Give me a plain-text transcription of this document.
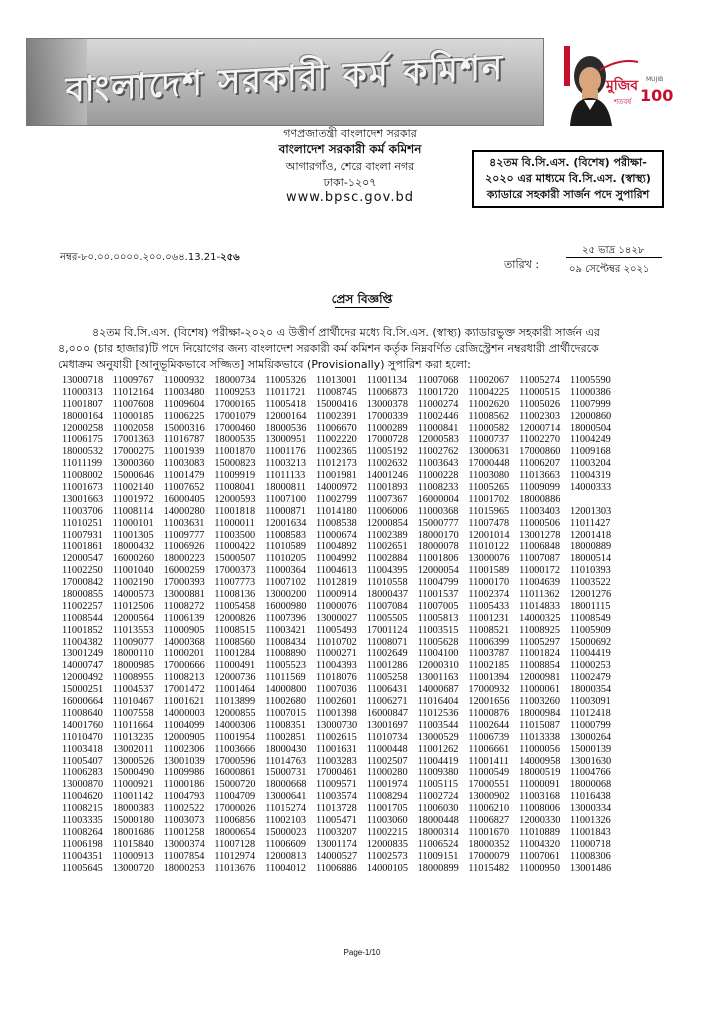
বাংলাদেশ সরকারী কর্ম কমিশন	মুজিব MUJIB
শতবর্ষ 100
গণপ্রজাতন্ত্রী বাংলাদেশ সরকার
বাংলাদেশ সরকারী কর্ম কমিশন
আগারগাঁও, শেরে বাংলা নগর
ঢাকা-১২০৭
www.bpsc.gov.bd
৪২তম বি.সি.এস. (বিশেষ) পরীক্ষা-
২০২০ এর মাধ্যমে বি.সি.এস. (স্বাস্থ্য)
ক্যাডারে সহকারী সার্জন পদে সুপারিশ
নম্বর-৮০.০০.০০০০.২০০.০৬৪.13.21-২৫৬
তারিখ :
২৫ ভাদ্র ১৪২৮
০৯ সেপ্টেম্বর ২০২১
প্রেস বিজ্ঞপ্তি
৪২তম বি.সি.এস. (বিশেষ) পরীক্ষা-২০২০ এ উত্তীর্ণ প্রার্থীদের মধ্যে বি.সি.এস. (স্বাস্থ্য) ক্যাডারভুক্ত সহকারী সার্জন এর
৪,০০০ (চার হাজার)টি পদে নিয়োগের জন্য বাংলাদেশ সরকারী কর্ম কমিশন কর্তৃক নিম্নবর্ণিত রেজিস্ট্রেশন নম্বরধারী প্রার্থীদেরকে
মেধাক্রম অনুযায়ী [আনুভূমিকভাবে সজ্জিত] সাময়িকভাবে (Provisionally) সুপারিশ করা হলো:
13000718 11009767 11000932 18000734 11005326 11013001 11001134 11007068 11002067 11005274 11005590
11000313 11012164 11003480 11009253 11011721 11008745 11006873 11001720 11004225 11000515 11000386
11001807 11007608 11009604 17000165 11005418 15000416 13000378 11000274 11002620 11005026 11007999
18000164 11000185 11006225 17001079 12000164 11002391 17000339 11002446 11008562 11002303 12000860
12000258 11002058 15000316 17000460 18000536 11006670 11000289 11000841 11000582 12000714 18000504
11006175 17001363 11016787 18000535 13000951 11002220 17000728 12000583 11000737 11002270 11004249
18000532 17000275 11001939 11001870 11001176 11002365 11005192 11002762 13000631 17000860 11009168
11011199 13000360 11003083 15000823 11003213 11012173 11002632 11003643 17000448 11006207 11003204
11008002 15000646 11001479 11009919 11011133 11001981 14001246 11000228 11003080 11013663 11004319
11001673 11002140 11007652 11008041 18000811 14000972 11001893 11008233 11005265 11009099 14000333
13001663 11001972 16000405 12000593 11007100 11002799 11007367 16000004 11001702 18000886
11003706 11008114 14000280 11001818 11000871 11014180 11006006 11000368 11015965 11003403 12001303
11010251 11000101 11003631 11000011 12001634 11008538 12000854 15000777 11007478 11000506 11011427
11007931 11001305 11009777 11003500 11008583 11000674 11002389 18000170 12001014 13001278 12001418
11001861 18000432 11006926 11000422 11010589 11004892 11002651 18000078 11010122 11006848 18000889
12000547 16000260 18000223 15000507 11010205 11004992 11002884 11001806 13000076 11007087 18000514
11002250 11001040 16000259 17000373 11000364 11004613 11004395 12000054 11001589 11000172 11010393
17000842 11002190 17000393 11007773 11007102 11012819 11010558 11004799 11000170 11004639 11003522
18000855 14000573 13000881 11008136 13000200 11000914 18000437 11001537 11002374 11011362 12001276
11002257 11012506 11008272 11005458 16000980 11000076 11007084 11007005 11005433 11014833 18001115
11008544 12000564 11006139 12000826 11007396 13000027 11005505 11005813 11001231 14000325 11008549
11001852 11013553 11000905 11008515 11003421 11005493 17001124 11003515 11008521 11008925 11005909
11004382 11009077 14000368 11008560 11008434 11010702 11008071 11005628 11006399 11005297 15000692
13001249 18000110 11000201 11001284 11008890 11000271 11002649 11004100 11003787 11001824 11004419
14000747 18000985 17000666 11000491 11005523 11004393 11001286 12000310 11002185 11008854 11000253
12000492 11008955 11008213 12000736 11011569 11018076 11005258 13001163 11001394 12000981 11002479
15000251 11004537 17001472 11001464 14000800 11007036 11006431 14000687 17000932 11000061 18000354
16000664 11010467 11001621 11013899 11002680 11002601 11006271 11016404 12001656 11003260 11003091
11008640 11007558 14000003 12000855 11007015 11001398 16000847 11012536 11000876 18000984 11012418
14001760 11011664 11004099 14000306 11008351 13000730 13001697 11003544 11002644 11015087 11000799
11010470 11013235 12000905 11001954 11002851 11002615 11010734 13000529 11006739 11013338 13000264
11003418 13002011 11002306 11003666 18000430 11001631 11000448 11001262 11006661 11000056 15000139
11005407 13000526 13001039 17000596 11014763 11003283 11002507 11004419 11001411 14000958 13001630
11006283 15000490 11009986 16000861 15000731 17000461 11000280 11009380 11000549 18000519 11004766
13000870 11000921 11000186 15000720 18000668 11009571 11001974 11005115 17000551 11000091 18000068
11004620 11001142 11004793 11004709 13000641 11003574 11008294 11002724 13000902 11003168 11016438
11008215 18000383 11002522 17000026 11015274 11013728 11001705 11006030 11006210 11008006 13000334
11003335 15000180 11003073 11006856 11002103 11005471 11003060 18000448 11006827 12000330 11001326
11008264 18001686 11001258 18000654 15000023 11003207 11002215 18000314 11001670 11010889 11001843
11006198 11015840 13000374 11007128 11006609 13001174 12000835 11006524 18000352 11004320 11000718
11004351 11000913 11007854 11012974 12000813 14000527 11002573 11009151 17000079 11007061 11008306
11005645 13000720 18000253 11013676 11004012 11006886 14000105 18000899 11015482 11000950 13001486
Page-1/10
